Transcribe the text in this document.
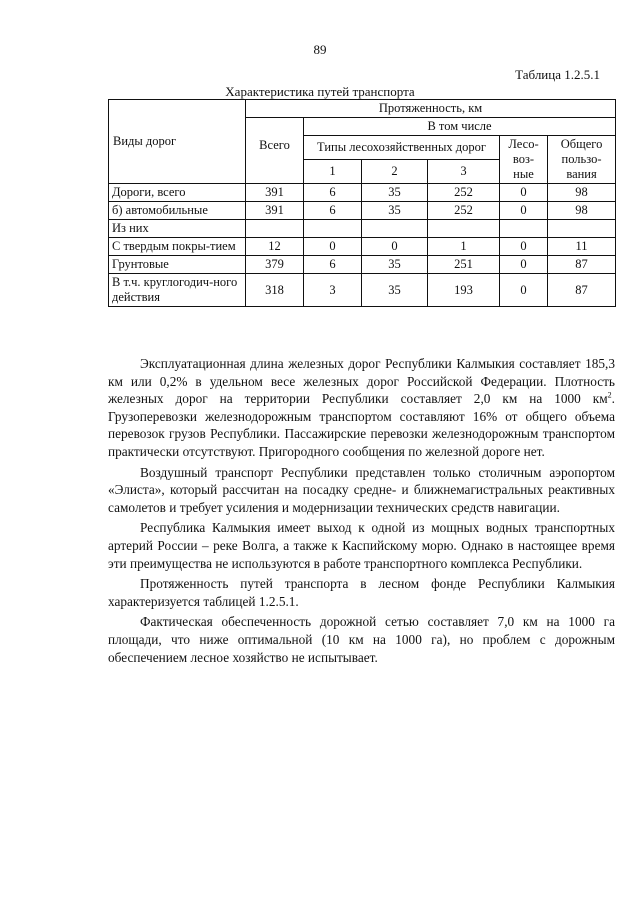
89
Таблица 1.2.5.1
Характеристика путей транспорта
Виды дорог	Протяженность, км					
	Всего	В том числе				
		Типы лесохозяйственных дорог			Лесо-воз-ные	Общего пользо-вания
		1	2	3		
Дороги, всего	391	6	35	252	0	98
б) автомобильные	391	6	35	252	0	98
Из них						
С твердым покры-тием	12	0	0	1	0	11
Грунтовые	379	6	35	251	0	87
В т.ч. круглогодич-ного действия	318	3	35	193	0	87

Эксплуатационная длина железных дорог Республики Калмыкия составляет 185,3 км или 0,2% в удельном весе железных дорог Российской Федерации. Плотность железных дорог на территории Республики составляет 2,0 км на 1000 $км^2$. Грузоперевозки железнодорожным транспортом составляют 16% от общего объема перевозок грузов Республики. Пассажирские перевозки железнодорожным транспортом практически отсутствуют. Пригородного сообщения по железной дороге нет.

Воздушный транспорт Республики представлен только столичным аэропортом «Элиста», который рассчитан на посадку средне- и ближнемагистральных реактивных самолетов и требует усиления и модернизации технических средств навигации.

Республика Калмыкия имеет выход к одной из мощных водных транспортных артерий России – реке Волга, а также к Каспийскому морю. Однако в настоящее время эти преимущества не используются в работе транспортного комплекса Республики.

Протяженность путей транспорта в лесном фонде Республики Калмыкия характеризуется таблицей 1.2.5.1.

Фактическая обеспеченность дорожной сетью составляет 7,0 км на 1000 га площади, что ниже оптимальной (10 км на 1000 га), но проблем с дорожным обеспечением лесное хозяйство не испытывает.
